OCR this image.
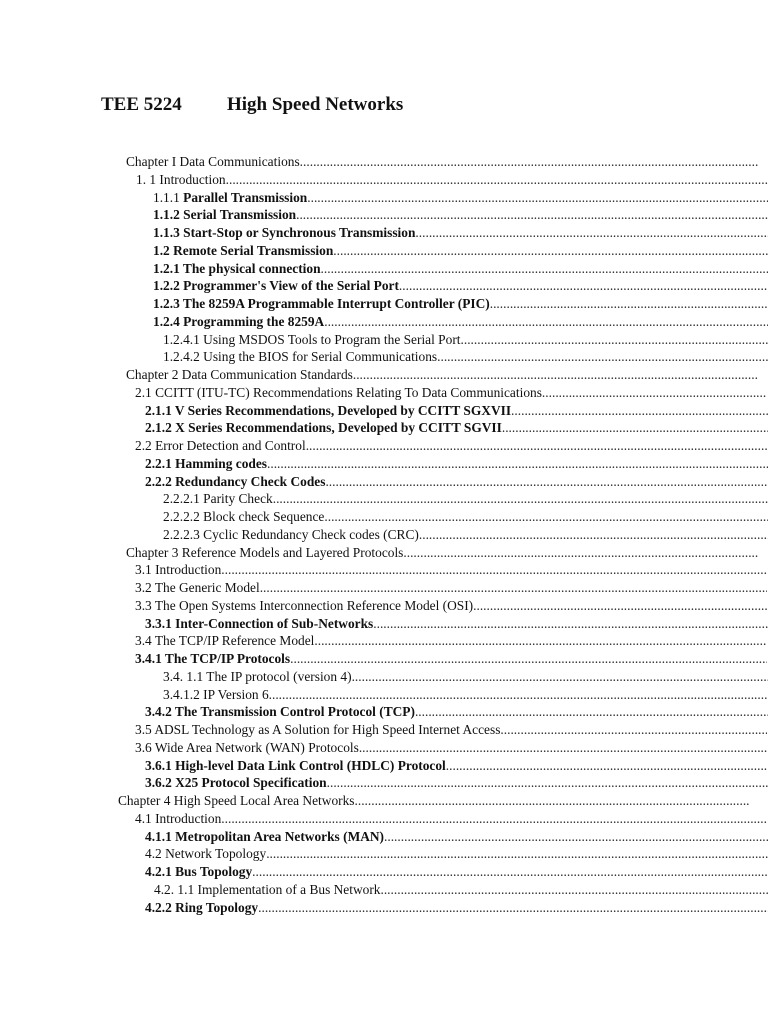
TEE 5224 High Speed Networks
Chapter I Data Communications
.....
1. 1 Introduction
.....
1.1.1 Parallel Transmission
.....
1.1.2 Serial Transmission
.....
1.1.3 Start-Stop or Synchronous Transmission
.....
1.2 Remote Serial Transmission
.....
1.2.1 The physical connection
.....
1.2.2 Programmer's View of the Serial Port
.....
1.2.3 The 8259A Programmable Interrupt Controller (PIC)
.....
1.2.4 Programming the 8259A
.....
1.2.4.1 Using MSDOS Tools to Program the Serial Port
.....
1.2.4.2 Using the BIOS for Serial Communications
.....
Chapter 2 Data Communication Standards
.....
2.1 CCITT (ITU-TC) Recommendations Relating To Data Communications
.....
2.1.1 V Series Recommendations, Developed by CCITT SGXVII
.....
2.1.2 X Series Recommendations, Developed by CCITT SGVII
.....
2.2 Error Detection and Control
.....
2.2.1 Hamming codes
.....
2.2.2 Redundancy Check Codes
.....
2.2.2.1 Parity Check
.....
2.2.2.2 Block check Sequence
.....
2.2.2.3 Cyclic Redundancy Check codes (CRC)
.....
Chapter 3 Reference Models and Layered Protocols
.....
3.1 Introduction
.....
3.2 The Generic Model
.....
3.3 The Open Systems Interconnection Reference Model (OSI)
.....
3.3.1 Inter-Connection of Sub-Networks
.....
3.4 The TCP/IP Reference Model
.....
3.4.1 The TCP/IP Protocols
.....
3.4. 1.1 The IP protocol (version 4)
.....
3.4.1.2 IP Version 6
.....
3.4.2 The Transmission Control Protocol (TCP)
.....
3.5 ADSL Technology as A Solution for High Speed Internet Access
.....
3.6 Wide Area Network (WAN) Protocols
.....
3.6.1 High-level Data Link Control (HDLC) Protocol
.....
3.6.2 X25 Protocol Specification
.....
Chapter 4 High Speed Local Area Networks
.....
4.1 Introduction
.....
4.1.1 Metropolitan Area Networks (MAN)
.....
4.2 Network Topology
.....
4.2.1 Bus Topology
.....
4.2. 1.1 Implementation of a Bus Network
.....
4.2.2 Ring Topology
.....
